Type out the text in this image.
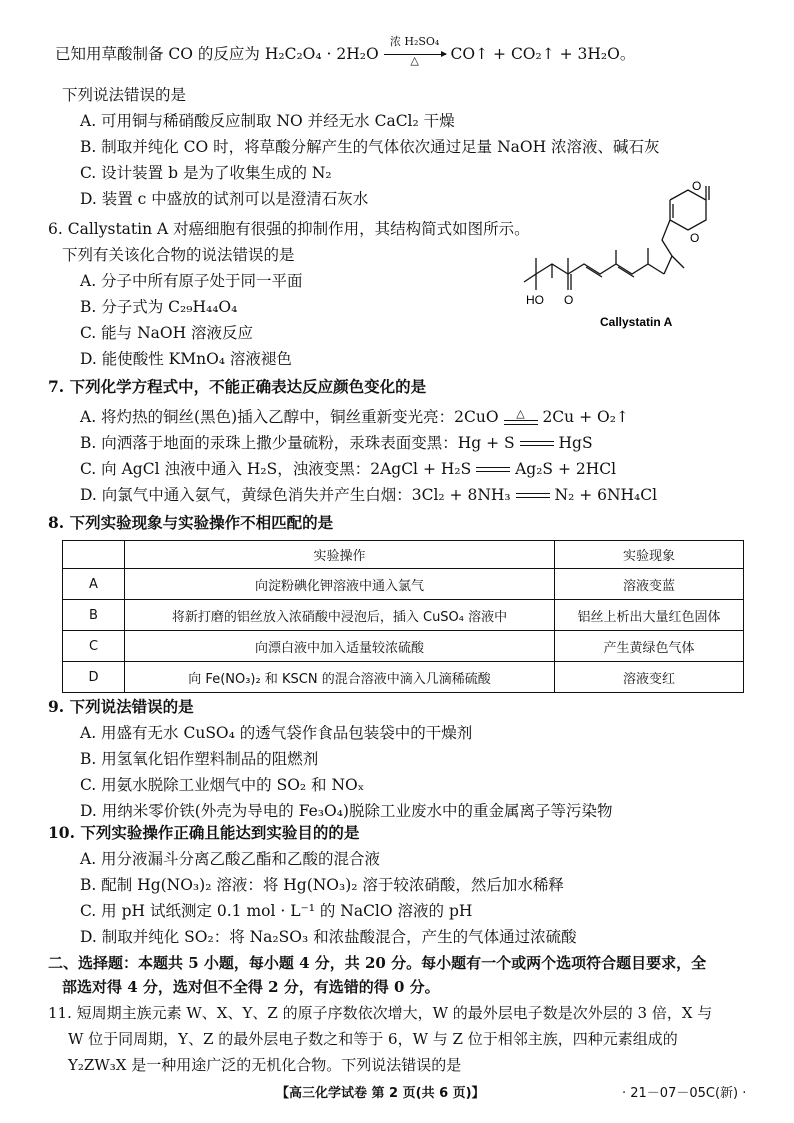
已知用草酸制备 CO 的反应为 H₂C₂O₄ · 2H₂O
浓 H₂SO₄
△	CO↑ + CO₂↑ + 3H₂O。
下列说法错误的是
A. 可用铜与稀硝酸反应制取 NO 并经无水 CaCl₂ 干燥
B. 制取并纯化 CO 时，将草酸分解产生的气体依次通过足量 NaOH 浓溶液、碱石灰
C. 设计装置 b 是为了收集生成的 N₂
D. 装置 c 中盛放的试剂可以是澄清石灰水
6. Callystatin A 对癌细胞有很强的抑制作用，其结构简式如图所示。
下列有关该化合物的说法错误的是
A. 分子中所有原子处于同一平面
B. 分子式为 C₂₉H₄₄O₄
C. 能与 NaOH 溶液反应
D. 能使酸性 KMnO₄ 溶液褪色
O
O
HO O
Callystatin A
7. 下列化学方程式中，不能正确表达反应颜色变化的是
A. 将灼热的铜丝(黑色)插入乙醇中，铜丝重新变光亮：2CuO	△	2Cu + O₂↑
B. 向洒落于地面的汞珠上撒少量硫粉，汞珠表面变黑：Hg + S	HgS
C. 向 AgCl 浊液中通入 H₂S，浊液变黑：2AgCl + H₂S	Ag₂S + 2HCl
D. 向氯气中通入氨气，黄绿色消失并产生白烟：3Cl₂ + 8NH₃	N₂ + 6NH₄Cl
8. 下列实验现象与实验操作不相匹配的是
	实验操作	实验现象
A	向淀粉碘化钾溶液中通入氯气	溶液变蓝
B	将新打磨的铝丝放入浓硝酸中浸泡后，插入 CuSO₄ 溶液中	铝丝上析出大量红色固体
C	向漂白液中加入适量较浓硫酸	产生黄绿色气体
D	向 Fe(NO₃)₂ 和 KSCN 的混合溶液中滴入几滴稀硫酸	溶液变红
9. 下列说法错误的是
A. 用盛有无水 CuSO₄ 的透气袋作食品包装袋中的干燥剂
B. 用氢氧化铝作塑料制品的阻燃剂
C. 用氨水脱除工业烟气中的 SO₂ 和 NOₓ
D. 用纳米零价铁(外壳为导电的 Fe₃O₄)脱除工业废水中的重金属离子等污染物
10. 下列实验操作正确且能达到实验目的的是
A. 用分液漏斗分离乙酸乙酯和乙酸的混合液
B. 配制 Hg(NO₃)₂ 溶液：将 Hg(NO₃)₂ 溶于较浓硝酸，然后加水稀释
C. 用 pH 试纸测定 0.1 mol · L⁻¹ 的 NaClO 溶液的 pH
D. 制取并纯化 SO₂：将 Na₂SO₃ 和浓盐酸混合，产生的气体通过浓硫酸
二、选择题：本题共 5 小题，每小题 4 分，共 20 分。每小题有一个或两个选项符合题目要求，全
部选对得 4 分，选对但不全得 2 分，有选错的得 0 分。
11. 短周期主族元素 W、X、Y、Z 的原子序数依次增大，W 的最外层电子数是次外层的 3 倍，X 与
W 位于同周期，Y、Z 的最外层电子数之和等于 6，W 与 Z 位于相邻主族，四种元素组成的
Y₂ZW₃X 是一种用途广泛的无机化合物。下列说法错误的是
【高三化学试卷 第 2 页(共 6 页)】	· 21－07－05C(新) ·
